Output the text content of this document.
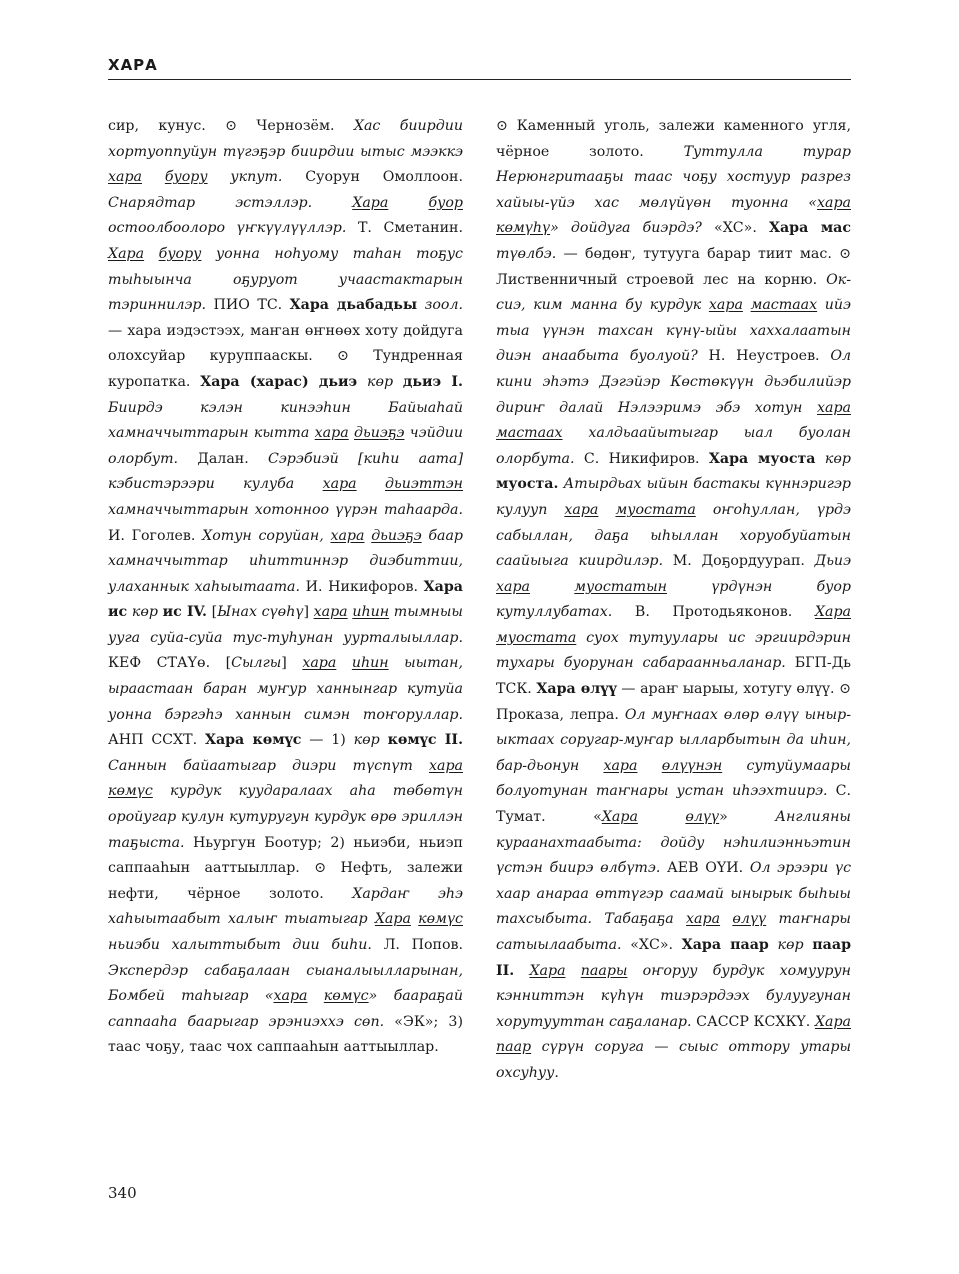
ХАРА

сир, кунус. ⊙ Чернозём. Хас биирдии хортуоппуйун түгэҕэр биирдии ытыс мээккэ хара буору укпут. Суорун Омоллоон. Снарядтар эстэллэр. Хара	буор остоолбоолоро үҥкүүлүүллэр. Т. Сметанин. Хара буору уонна ноһуому таһан тоҕус тыһыынча оҕуруот учаастактарын тэриннилэр. ПИО ТС. Хара дьабадьы зоол. — хара иэдэстээх, маҥан өҥнөөх хоту дойдуга олохсуйар куруппааскы. ⊙ Тундренная куропатка. Хара (харас) дьиэ көр дьиэ I. Биирдэ кэлэн кинээһин Байыаһай хамначчыттарын кытта хара дьиэҕэ чэйдии олорбут. Далан. Сэрэбиэй [киһи аата] кэбистэрээри кулуба хара дьиэттэн хамначчыттарын хотонноо үүрэн таһаарда. И. Гоголев. Хотун соруйан, хара дьиэҕэ баар хамначчыттар иһиттиннэр диэбиттии, улаханнык хаһыытаата. И. Никифоров. Хара ис көр ис IV. [Ынах сүөһү] хара иһин тымныы ууга суйа-суйа тус-туһунан уурталыыллар. КЕФ СТАҮө. [Сылгы] хара иһин ыытан, ыраастаан баран муҥур ханнынгар кутуйа уонна бэргэһэ ханнын симэн тоҥоруллар. АНП ССХТ. Хара көмүс — 1) көр көмүс II. Саннын байаатыгар диэри түспүт хара көмүс курдук куударалаах аһа төбөтүн оройугар кулун кутуругун курдук өрө эриллэн таҕыста. Ньургун Боотур; 2) ньиэби, ньиэп саппааһын ааттыыллар. ⊙ Нефть, залежи нефти, чёрное золото. Хардаҥ эһэ хаһыытаабыт халыҥ тыатыгар Хара көмүс ньиэби халыттыбыт дии биһи. Л. Попов. Экспердэр сабаҕалаан сыаналыылларынан, Бомбей таһыгар «хара көмүс» баараҕай саппааһа баарыгар эрэниэххэ сөп. «ЭК»; 3) таас чоҕу, таас чох саппааһын ааттыыллар.

⊙ Каменный уголь, залежи каменного угля, чёрное золото. Туттулла турар Нерюнгритааҕы таас чоҕу хостуур разрез хайыы-үйэ хас мөлүйүөн туонна «хара көмүһү» дойдуга биэрдэ? «ХС». Хара мас түөлбэ. — бөдөҥ, тутууга барар тиит мас. ⊙ Лиственничный строевой лес на корню. Ок-сиэ, ким манна бу курдук хара мастаах ийэ тыа үүнэн тахсан күнү-ыйы хаххалаатын диэн анаабыта буолуой? Н. Неустроев. Ол кини эһэтэ Дэгэйэр Көстөкүүн дьэбилийэр дириҥ далай Нэлээримэ эбэ хотун хара мастаах халдьаайытыгар ыал буолан олорбута. С. Никифиров. Хара муоста көр муоста. Атырдьах ыйын бастакы күннэригэр кулууп хара муостата оҥоһуллан, үрдэ сабыллан, даҕа ыһыллан хоруобуйатын саайыыга киирдилэр. М. Доҕордуурап. Дьиэ хара	муостатын үрдүнэн буор кутуллубатах. В. Протодьяконов. Хара муостата суох тутуулары ис эргиирдэрин тухары буорунан сабараанньаланар. БГП-Дь ТСК. Хара өлүү — араҥ ыарыы, хотугу өлүү. ⊙ Проказа, лепра. Ол муҥнаах өлөр өлүү ынырыктаах соругар-муҥар ылларбытын да иһин, бар-дьонун хара өлүүнэн сутуйумаары болуотунан таҥнары устан иһээхтиирэ. С. Тумат. «Хара	өлүү» Англияны кураанахтаабыта: дойду нэһилиэнньэтин үстэн биирэ өлбүтэ. АЕВ ОҮИ. Ол эрээри үс хаар анараа өттүгэр саамай ынырык быһыы тахсыбыта. Табаҕаҕа хара өлүү таҥнары сатыылаабыта. «ХС». Хара паар көр паар II. Хара паары оҥоруу бурдук хомуурун кэнниттэн күһүн тиэрэрдээх булуугунан хорутууттан саҕаланар. САССР КСХКҮ. Хара паар сүрүн соруга — сыыс оттору утары охсуһуу.

340
